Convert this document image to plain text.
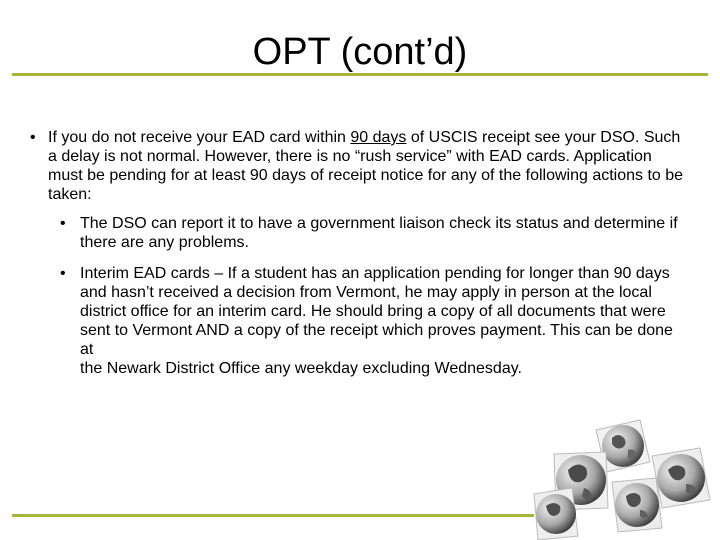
OPT (cont’d)
• If you do not receive your EAD card within 90 days of USCIS receipt see your DSO. Such a delay is not normal. However, there is no “rush service” with EAD cards. Application must be pending for at least 90 days of receipt notice for any of the following actions to be taken:
• The DSO can report it to have a government liaison check its status and determine if there are any problems.
• Interim EAD cards – If a student has an application pending for longer than 90 days and hasn’t received a decision from Vermont, he may apply in person at the local district office for an interim card. He should bring a copy of all documents that were sent to Vermont AND a copy of the receipt which proves payment. This can be done at
the Newark District Office any weekday excluding Wednesday.
